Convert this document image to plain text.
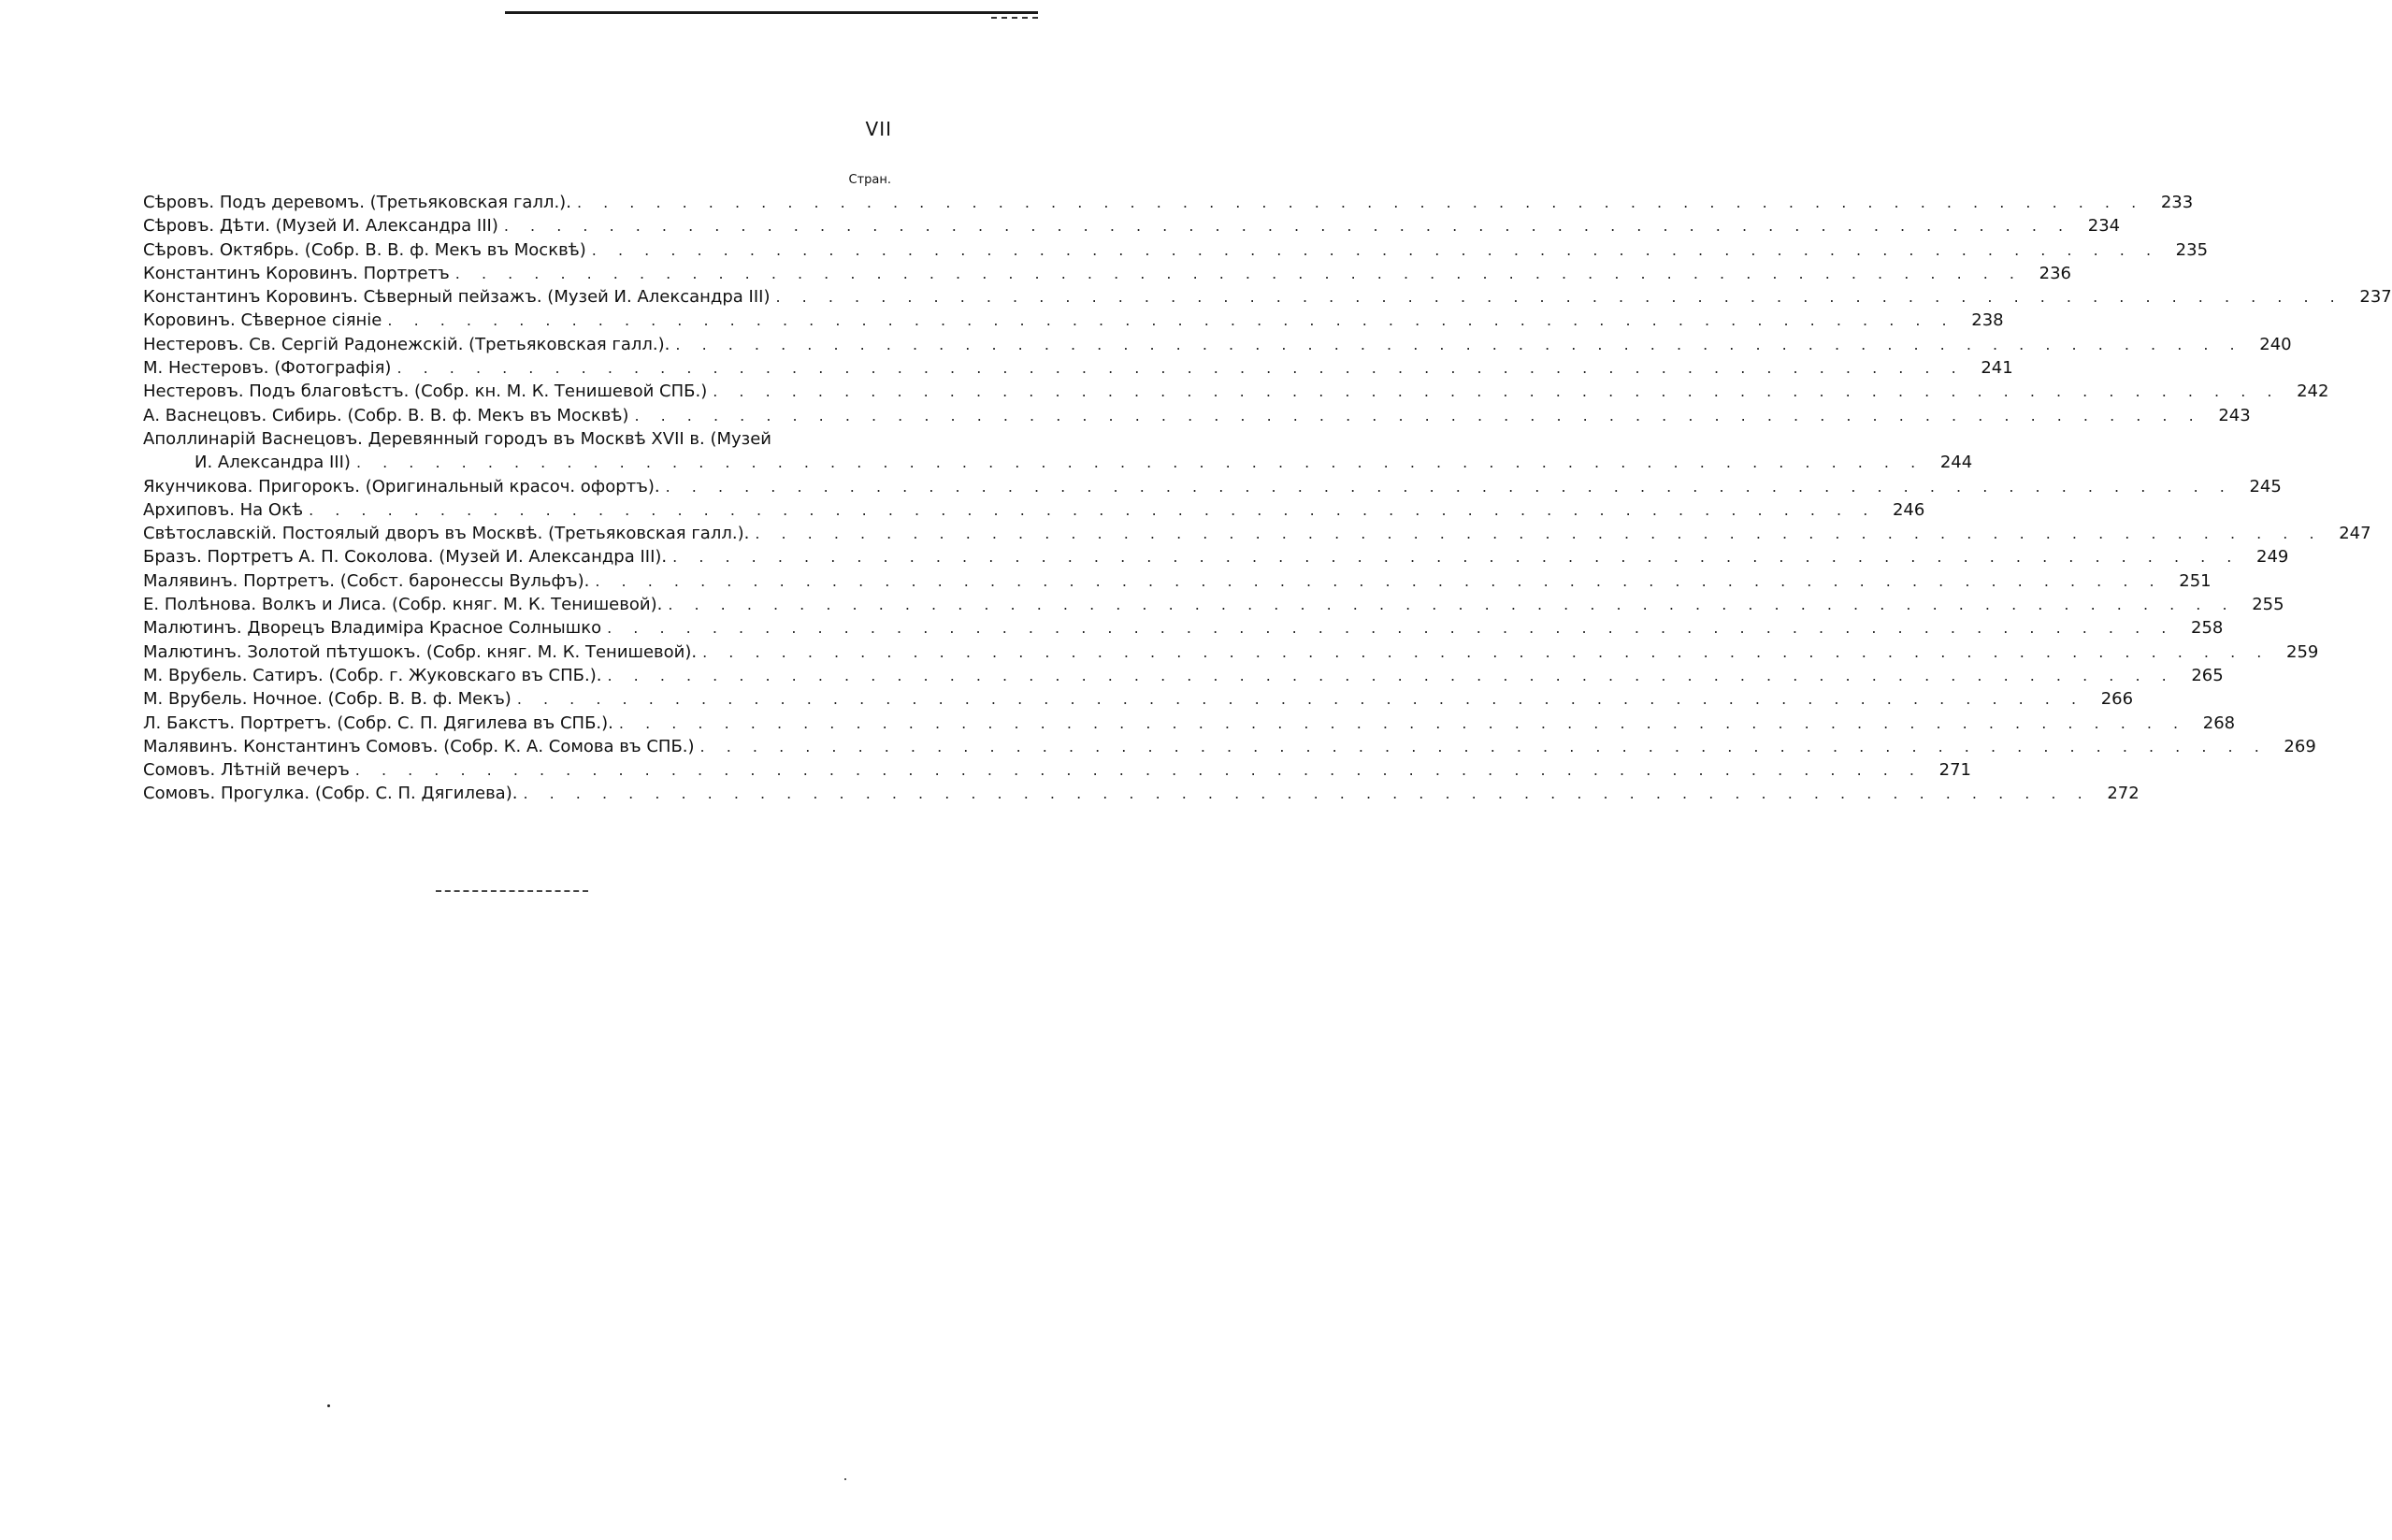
VII
Стран.
Сѣровъ. Подъ деревомъ. (Третьяковская галл.). . . . . . . . . . . . . . . . . . . . . . . . . . . . . . . . . . . . . . . . . . . . . . . . . . . . . . . . . . . . . 233
Сѣровъ. Дѣти. (Музей И. Александра III) . . . . . . . . . . . . . . . . . . . . . . . . . . . . . . . . . . . . . . . . . . . . . . . . . . . . . . . . . . . . 234
Сѣровъ. Октябрь. (Собр. В. В. ф. Мекъ въ Москвѣ) . . . . . . . . . . . . . . . . . . . . . . . . . . . . . . . . . . . . . . . . . . . . . . . . . . . . . . . . . . . . 235
Константинъ Коровинъ. Портретъ . . . . . . . . . . . . . . . . . . . . . . . . . . . . . . . . . . . . . . . . . . . . . . . . . . . . . . . . . . . . 236
Константинъ Коровинъ. Сѣверный пейзажъ. (Музей И. Александра III) . . . . . . . . . . . . . . . . . . . . . . . . . . . . . . . . . . . . . . . . . . . . . . . . . . . . . . . . . . . . 237
Коровинъ. Сѣверное сіяніе . . . . . . . . . . . . . . . . . . . . . . . . . . . . . . . . . . . . . . . . . . . . . . . . . . . . . . . . . . . . 238
Нестеровъ. Св. Сергій Радонежскій. (Третьяковская галл.). . . . . . . . . . . . . . . . . . . . . . . . . . . . . . . . . . . . . . . . . . . . . . . . . . . . . . . . . . . . . 240
М. Нестеровъ. (Фотографія) . . . . . . . . . . . . . . . . . . . . . . . . . . . . . . . . . . . . . . . . . . . . . . . . . . . . . . . . . . . . 241
Нестеровъ. Подъ благовѣстъ. (Собр. кн. М. К. Тенишевой СПБ.) . . . . . . . . . . . . . . . . . . . . . . . . . . . . . . . . . . . . . . . . . . . . . . . . . . . . . . . . . . . . 242
А. Васнецовъ. Сибирь. (Собр. В. В. ф. Мекъ въ Москвѣ) . . . . . . . . . . . . . . . . . . . . . . . . . . . . . . . . . . . . . . . . . . . . . . . . . . . . . . . . . . . . 243
Аполлинарій Васнецовъ. Деревянный городъ въ Москвѣ XVII в. (Музей
И. Александра III) . . . . . . . . . . . . . . . . . . . . . . . . . . . . . . . . . . . . . . . . . . . . . . . . . . . . . . . . . . . . 244
Якунчикова. Пригорокъ. (Оригинальный красоч. офортъ). . . . . . . . . . . . . . . . . . . . . . . . . . . . . . . . . . . . . . . . . . . . . . . . . . . . . . . . . . . . . 245
Архиповъ. На Окѣ . . . . . . . . . . . . . . . . . . . . . . . . . . . . . . . . . . . . . . . . . . . . . . . . . . . . . . . . . . . . 246
Свѣтославскій. Постоялый дворъ въ Москвѣ. (Третьяковская галл.). . . . . . . . . . . . . . . . . . . . . . . . . . . . . . . . . . . . . . . . . . . . . . . . . . . . . . . . . . . . . 247
Бразъ. Портретъ А. П. Соколова. (Музей И. Александра III). . . . . . . . . . . . . . . . . . . . . . . . . . . . . . . . . . . . . . . . . . . . . . . . . . . . . . . . . . . . . 249
Малявинъ. Портретъ. (Собст. баронессы Вульфъ). . . . . . . . . . . . . . . . . . . . . . . . . . . . . . . . . . . . . . . . . . . . . . . . . . . . . . . . . . . . . 251
Е. Полѣнова. Волкъ и Лиса. (Собр. княг. М. К. Тенишевой). . . . . . . . . . . . . . . . . . . . . . . . . . . . . . . . . . . . . . . . . . . . . . . . . . . . . . . . . . . . . 255
Малютинъ. Дворецъ Владиміра Красное Солнышко . . . . . . . . . . . . . . . . . . . . . . . . . . . . . . . . . . . . . . . . . . . . . . . . . . . . . . . . . . . . 258
Малютинъ. Золотой пѣтушокъ. (Собр. княг. М. К. Тенишевой). . . . . . . . . . . . . . . . . . . . . . . . . . . . . . . . . . . . . . . . . . . . . . . . . . . . . . . . . . . . . 259
М. Врубель. Сатиръ. (Собр. г. Жуковскаго въ СПБ.). . . . . . . . . . . . . . . . . . . . . . . . . . . . . . . . . . . . . . . . . . . . . . . . . . . . . . . . . . . . . 265
М. Врубель. Ночное. (Собр. В. В. ф. Мекъ) . . . . . . . . . . . . . . . . . . . . . . . . . . . . . . . . . . . . . . . . . . . . . . . . . . . . . . . . . . . . 266
Л. Бакстъ. Портретъ. (Собр. С. П. Дягилева въ СПБ.). . . . . . . . . . . . . . . . . . . . . . . . . . . . . . . . . . . . . . . . . . . . . . . . . . . . . . . . . . . . . 268
Малявинъ. Константинъ Сомовъ. (Собр. К. А. Сомова въ СПБ.) . . . . . . . . . . . . . . . . . . . . . . . . . . . . . . . . . . . . . . . . . . . . . . . . . . . . . . . . . . . . 269
Сомовъ. Лѣтній вечеръ . . . . . . . . . . . . . . . . . . . . . . . . . . . . . . . . . . . . . . . . . . . . . . . . . . . . . . . . . . . . 271
Сомовъ. Прогулка. (Собр. С. П. Дягилева). . . . . . . . . . . . . . . . . . . . . . . . . . . . . . . . . . . . . . . . . . . . . . . . . . . . . . . . . . . . . 272
